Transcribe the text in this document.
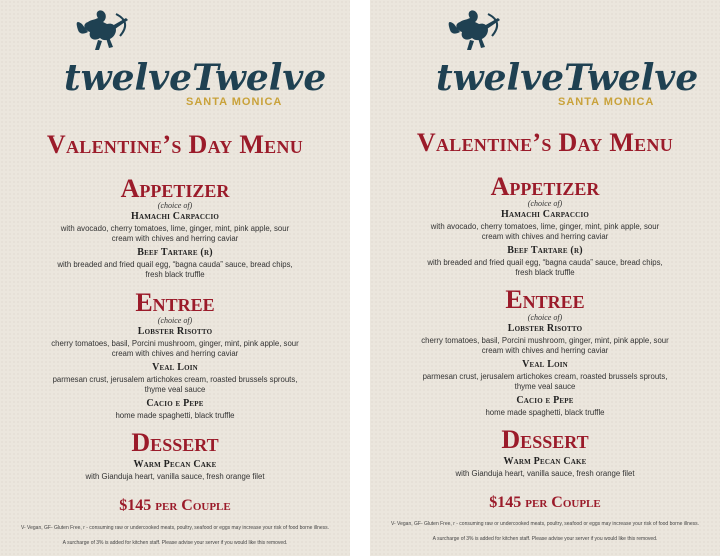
twelveTwelve
SANTA MONICA
Valentine’s Day Menu
Appetizer
(choice of)
Hamachi Carpaccio
with avocado, cherry tomatoes, lime, ginger, mint, pink apple, sour cream with chives and herring caviar
Beef Tartare (r)
with breaded and fried quail egg, “bagna cauda” sauce, bread chips, fresh black truffle
Entree
(choice of)
Lobster Risotto
cherry tomatoes, basil, Porcini mushroom, ginger, mint, pink apple, sour cream with chives and herring caviar
Veal Loin
parmesan crust, jerusalem artichokes cream, roasted brussels sprouts, thyme veal sauce
Cacio e Pepe
home made spaghetti, black truffle
Dessert
Warm Pecan Cake
with Gianduja heart, vanilla sauce, fresh orange filet
$145 per Couple
V- Vegan, GF- Gluten Free, r - consuming raw or undercooked meats, poultry, seafood or eggs may increase your risk of food borne illness.
A surcharge of 3% is added for kitchen staff. Please advise your server if you would like this removed.
twelveTwelve
SANTA MONICA
Valentine’s Day Menu
Appetizer
(choice of)
Hamachi Carpaccio
with avocado, cherry tomatoes, lime, ginger, mint, pink apple, sour cream with chives and herring caviar
Beef Tartare (r)
with breaded and fried quail egg, “bagna cauda” sauce, bread chips, fresh black truffle
Entree
(choice of)
Lobster Risotto
cherry tomatoes, basil, Porcini mushroom, ginger, mint, pink apple, sour cream with chives and herring caviar
Veal Loin
parmesan crust, jerusalem artichokes cream, roasted brussels sprouts, thyme veal sauce
Cacio e Pepe
home made spaghetti, black truffle
Dessert
Warm Pecan Cake
with Gianduja heart, vanilla sauce, fresh orange filet
$145 per Couple
V- Vegan, GF- Gluten Free, r - consuming raw or undercooked meats, poultry, seafood or eggs may increase your risk of food borne illness.
A surcharge of 3% is added for kitchen staff. Please advise your server if you would like this removed.
